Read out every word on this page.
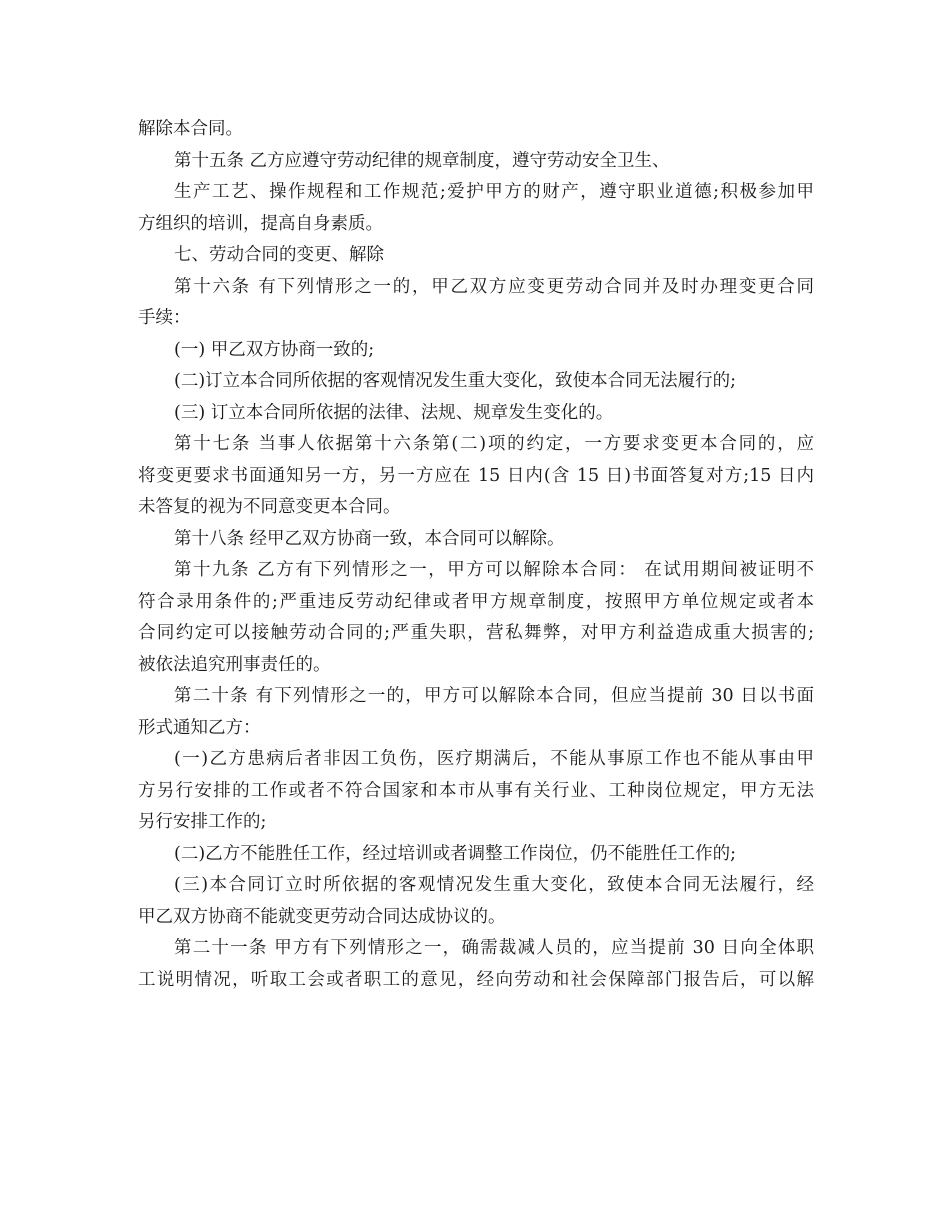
解除本合同。
第十五条 乙方应遵守劳动纪律的规章制度，遵守劳动安全卫生、
生产工艺、操作规程和工作规范;爱护甲方的财产，遵守职业道德;积极参加甲
方组织的培训，提高自身素质。
七、劳动合同的变更、解除
第十六条 有下列情形之一的，甲乙双方应变更劳动合同并及时办理变更合同
手续：
(一) 甲乙双方协商一致的;
(二)订立本合同所依据的客观情况发生重大变化，致使本合同无法履行的;
(三) 订立本合同所依据的法律、法规、规章发生变化的。
第十七条 当事人依据第十六条第(二)项的约定，一方要求变更本合同的，应
将变更要求书面通知另一方，另一方应在 15 日内(含 15 日)书面答复对方;15 日内
未答复的视为不同意变更本合同。
第十八条 经甲乙双方协商一致，本合同可以解除。
第十九条 乙方有下列情形之一，甲方可以解除本合同： 在试用期间被证明不
符合录用条件的;严重违反劳动纪律或者甲方规章制度，按照甲方单位规定或者本
合同约定可以接触劳动合同的;严重失职，营私舞弊，对甲方利益造成重大损害的;
被依法追究刑事责任的。
第二十条 有下列情形之一的，甲方可以解除本合同，但应当提前 30 日以书面
形式通知乙方：
(一)乙方患病后者非因工负伤，医疗期满后，不能从事原工作也不能从事由甲
方另行安排的工作或者不符合国家和本市从事有关行业、工种岗位规定，甲方无法
另行安排工作的;
(二)乙方不能胜任工作，经过培训或者调整工作岗位，仍不能胜任工作的;
(三)本合同订立时所依据的客观情况发生重大变化，致使本合同无法履行，经
甲乙双方协商不能就变更劳动合同达成协议的。
第二十一条 甲方有下列情形之一，确需裁减人员的，应当提前 30 日向全体职
工说明情况，听取工会或者职工的意见，经向劳动和社会保障部门报告后，可以解
